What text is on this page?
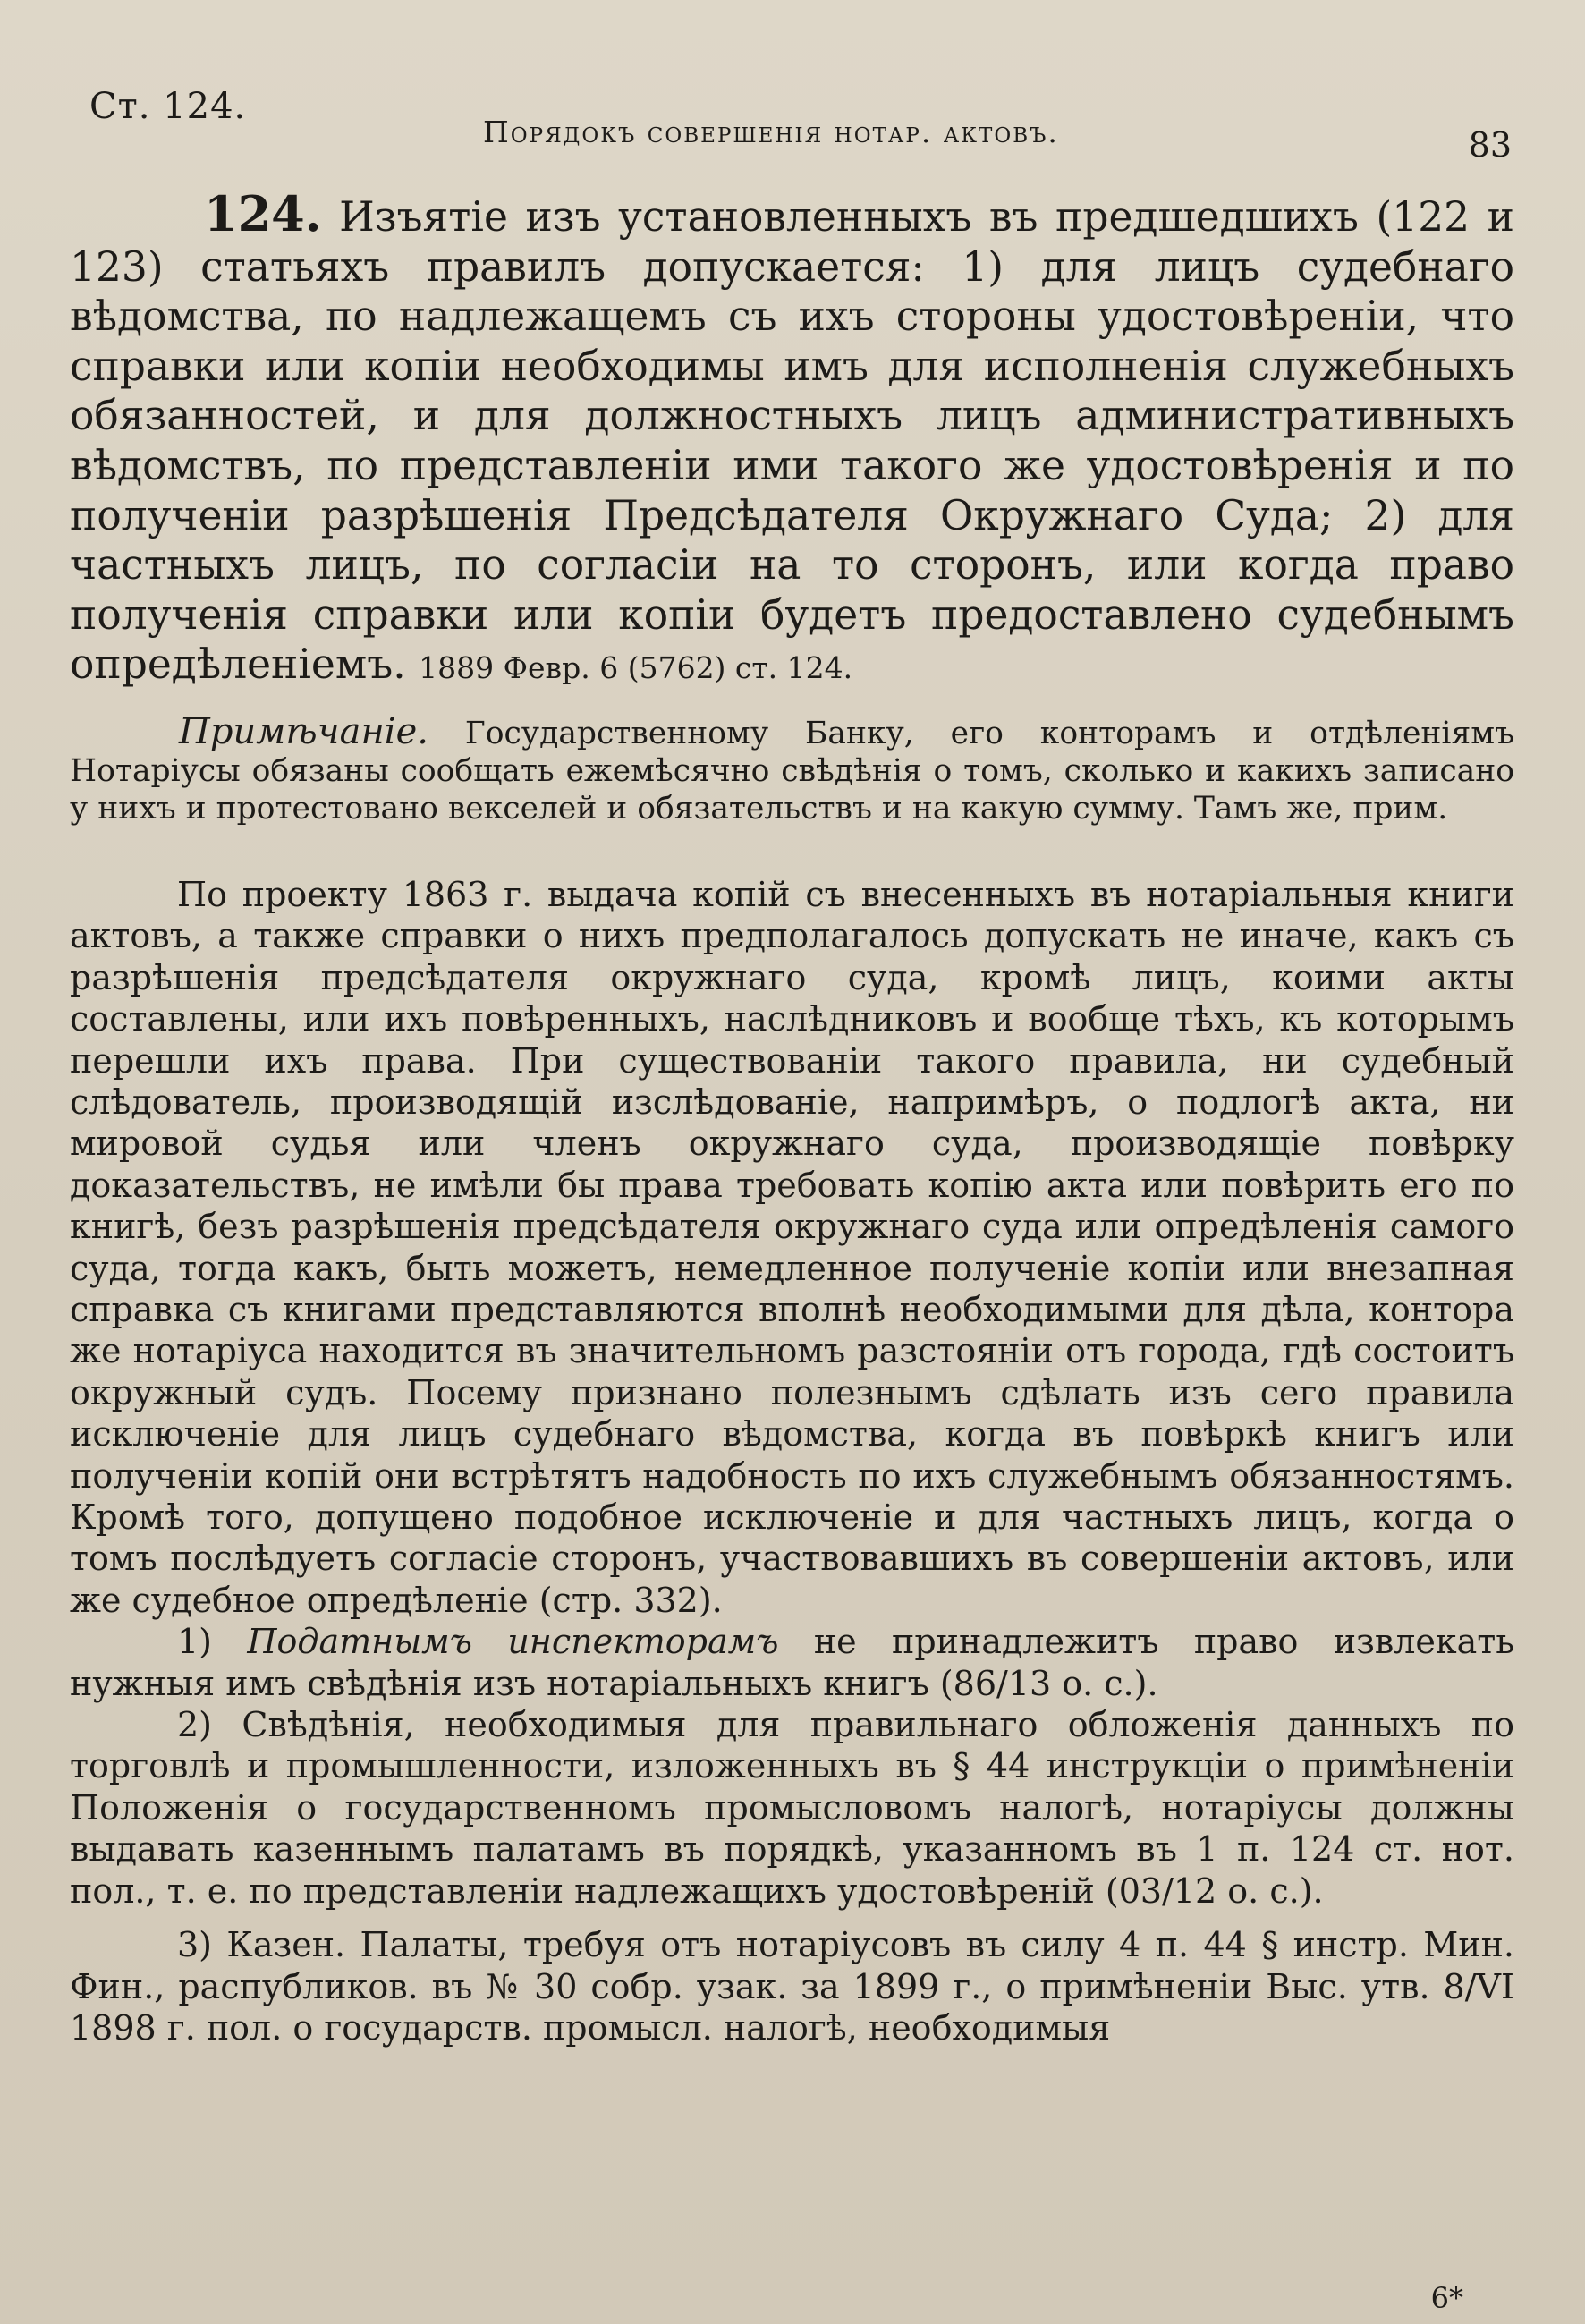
Ст. 124.
Порядокъ совершенія нотар. актовъ.	83

124. Изъятіе изъ установленныхъ въ предшедшихъ (122 и 123) статьяхъ правилъ допускается: 1) для лицъ судебнаго вѣдомства, по надлежащемъ съ ихъ стороны удостовѣреніи, что справки или копіи необходимы имъ для исполненія служебныхъ обязанностей, и для должностныхъ лицъ административныхъ вѣдомствъ, по представленіи ими такого же удостовѣренія и по полученіи разрѣшенія Предсѣдателя Окружнаго Суда; 2) для частныхъ лицъ, по согласіи на то сторонъ, или когда право полученія справки или копіи будетъ предоставлено судебнымъ опредѣленіемъ. 1889 Февр. 6 (5762) ст. 124.

Примѣчаніе. Государственному Банку, его конторамъ и отдѣленіямъ Нотаріусы обязаны сообщать ежемѣсячно свѣдѣнія о томъ, сколько и какихъ записано у нихъ и протестовано векселей и обязательствъ и на какую сумму. Тамъ же, прим.

По проекту 1863 г. выдача копій съ внесенныхъ въ нотаріальныя книги актовъ, а также справки о нихъ предполагалось допускать не иначе, какъ съ разрѣшенія предсѣдателя окружнаго суда, кромѣ лицъ, коими акты составлены, или ихъ повѣренныхъ, наслѣдниковъ и вообще тѣхъ, къ которымъ перешли ихъ права. При существованіи такого правила, ни судебный слѣдователь, производящій изслѣдованіе, напримѣръ, о подлогѣ акта, ни мировой судья или членъ окружнаго суда, производящіе повѣрку доказательствъ, не имѣли бы права требовать копію акта или повѣрить его по книгѣ, безъ разрѣшенія предсѣдателя окружнаго суда или опредѣленія самого суда, тогда какъ, быть можетъ, немедленное полученіе копіи или внезапная справка съ книгами представляются вполнѣ необходимыми для дѣла, контора же нотаріуса находится въ значительномъ разстояніи отъ города, гдѣ состоитъ окружный судъ. Посему признано полезнымъ сдѣлать изъ сего правила исключеніе для лицъ судебнаго вѣдомства, когда въ повѣркѣ книгъ или полученіи копій они встрѣтятъ надобность по ихъ служебнымъ обязанностямъ. Кромѣ того, допущено подобное исключеніе и для частныхъ лицъ, когда о томъ послѣдуетъ согласіе сторонъ, участвовавшихъ въ совершеніи актовъ, или же судебное опредѣленіе (стр. 332).

1) Податнымъ инспекторамъ не принадлежитъ право извлекать нужныя имъ свѣдѣнія изъ нотаріальныхъ книгъ (86/13 о. с.).

2) Свѣдѣнія, необходимыя для правильнаго обложенія данныхъ по торговлѣ и промышленности, изложенныхъ въ § 44 инструкціи о примѣненіи Положенія о государственномъ промысловомъ налогѣ, нотаріусы должны выдавать казеннымъ палатамъ въ порядкѣ, указанномъ въ 1 п. 124 ст. нот. пол., т. е. по представленіи надлежащихъ удостовѣреній (03/12 о. с.).

3) Казен. Палаты, требуя отъ нотаріусовъ въ силу 4 п. 44 § инстр. Мин. Фин., распубликов. въ № 30 собр. узак. за 1899 г., о примѣненіи Выс. утв. 8/VI 1898 г. пол. о государств. промысл. налогѣ, необходимыя

6*
